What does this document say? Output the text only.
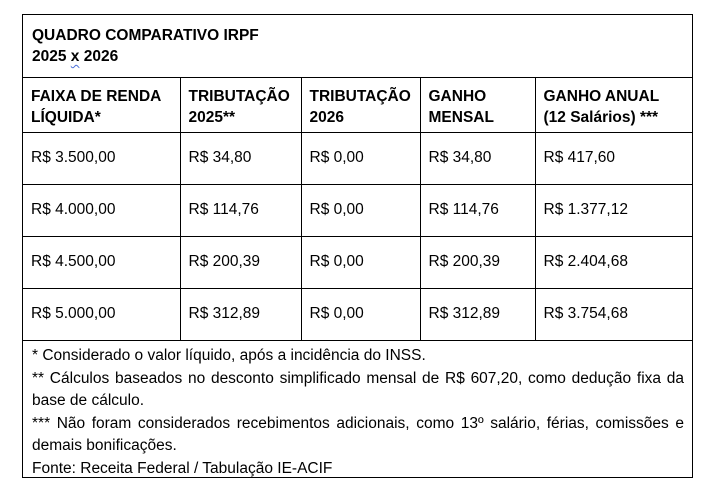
QUADRO COMPARATIVO IRPF
2025 x 2026
FAIXA DE RENDA LÍQUIDA*	TRIBUTAÇÃO 2025**	TRIBUTAÇÃO 2026	GANHO MENSAL	GANHO ANUAL (12 Salários) ***
R$ 3.500,00	R$ 34,80	R$ 0,00	R$ 34,80	R$ 417,60
R$ 4.000,00	R$ 114,76	R$ 0,00	R$ 114,76	R$ 1.377,12
R$ 4.500,00	R$ 200,39	R$ 0,00	R$ 200,39	R$ 2.404,68
R$ 5.000,00	R$ 312,89	R$ 0,00	R$ 312,89	R$ 3.754,68
* Considerado o valor líquido, após a incidência do INSS.
** Cálculos baseados no desconto simplificado mensal de R$ 607,20, como dedução fixa da base de cálculo.
*** Não foram considerados recebimentos adicionais, como 13º salário, férias, comissões e demais bonificações.
Fonte: Receita Federal / Tabulação IE-ACIF
